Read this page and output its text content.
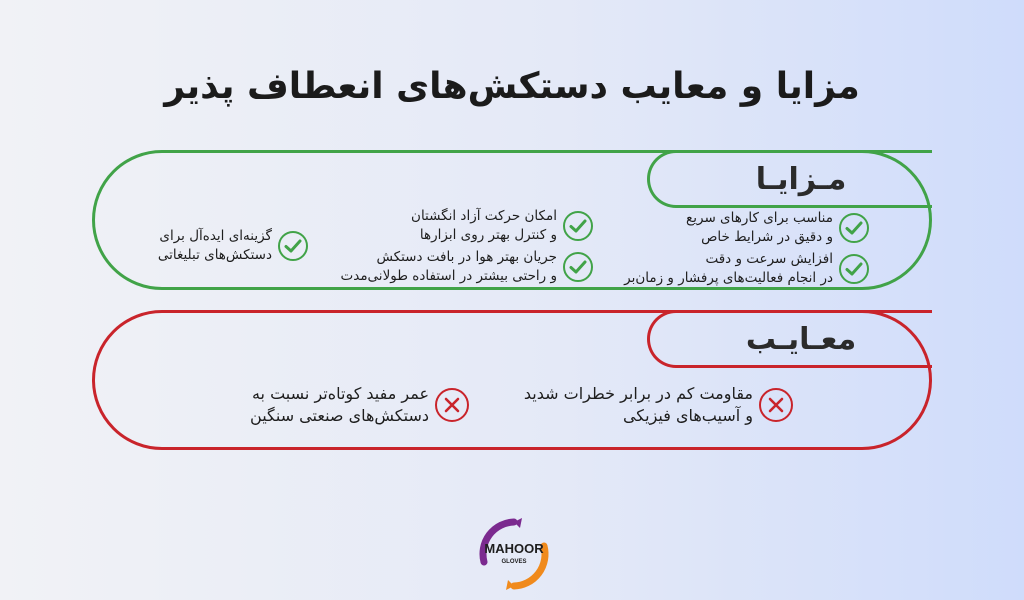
مزایا و معایب دستکش‌های انعطاف پذیر
مـزایـا
مناسب برای کارهای سریع
و دقیق در شرایط خاص
افزایش سرعت و دقت
در انجام فعالیت‌های پرفشار و زمان‌بر
امکان حرکت آزاد انگشتان
و کنترل بهتر روی ابزارها
جریان بهتر هوا در بافت دستکش
و راحتی بیشتر در استفاده طولانی‌مدت
گزینه‌ای ایده‌آل برای
دستکش‌های تبلیغاتی
معـایـب
مقاومت کم در برابر خطرات شدید
و آسیب‌های فیزیکی
عمر مفید کوتاه‌تر نسبت به
دستکش‌های صنعتی سنگین
MAHOOR
GLOVES
